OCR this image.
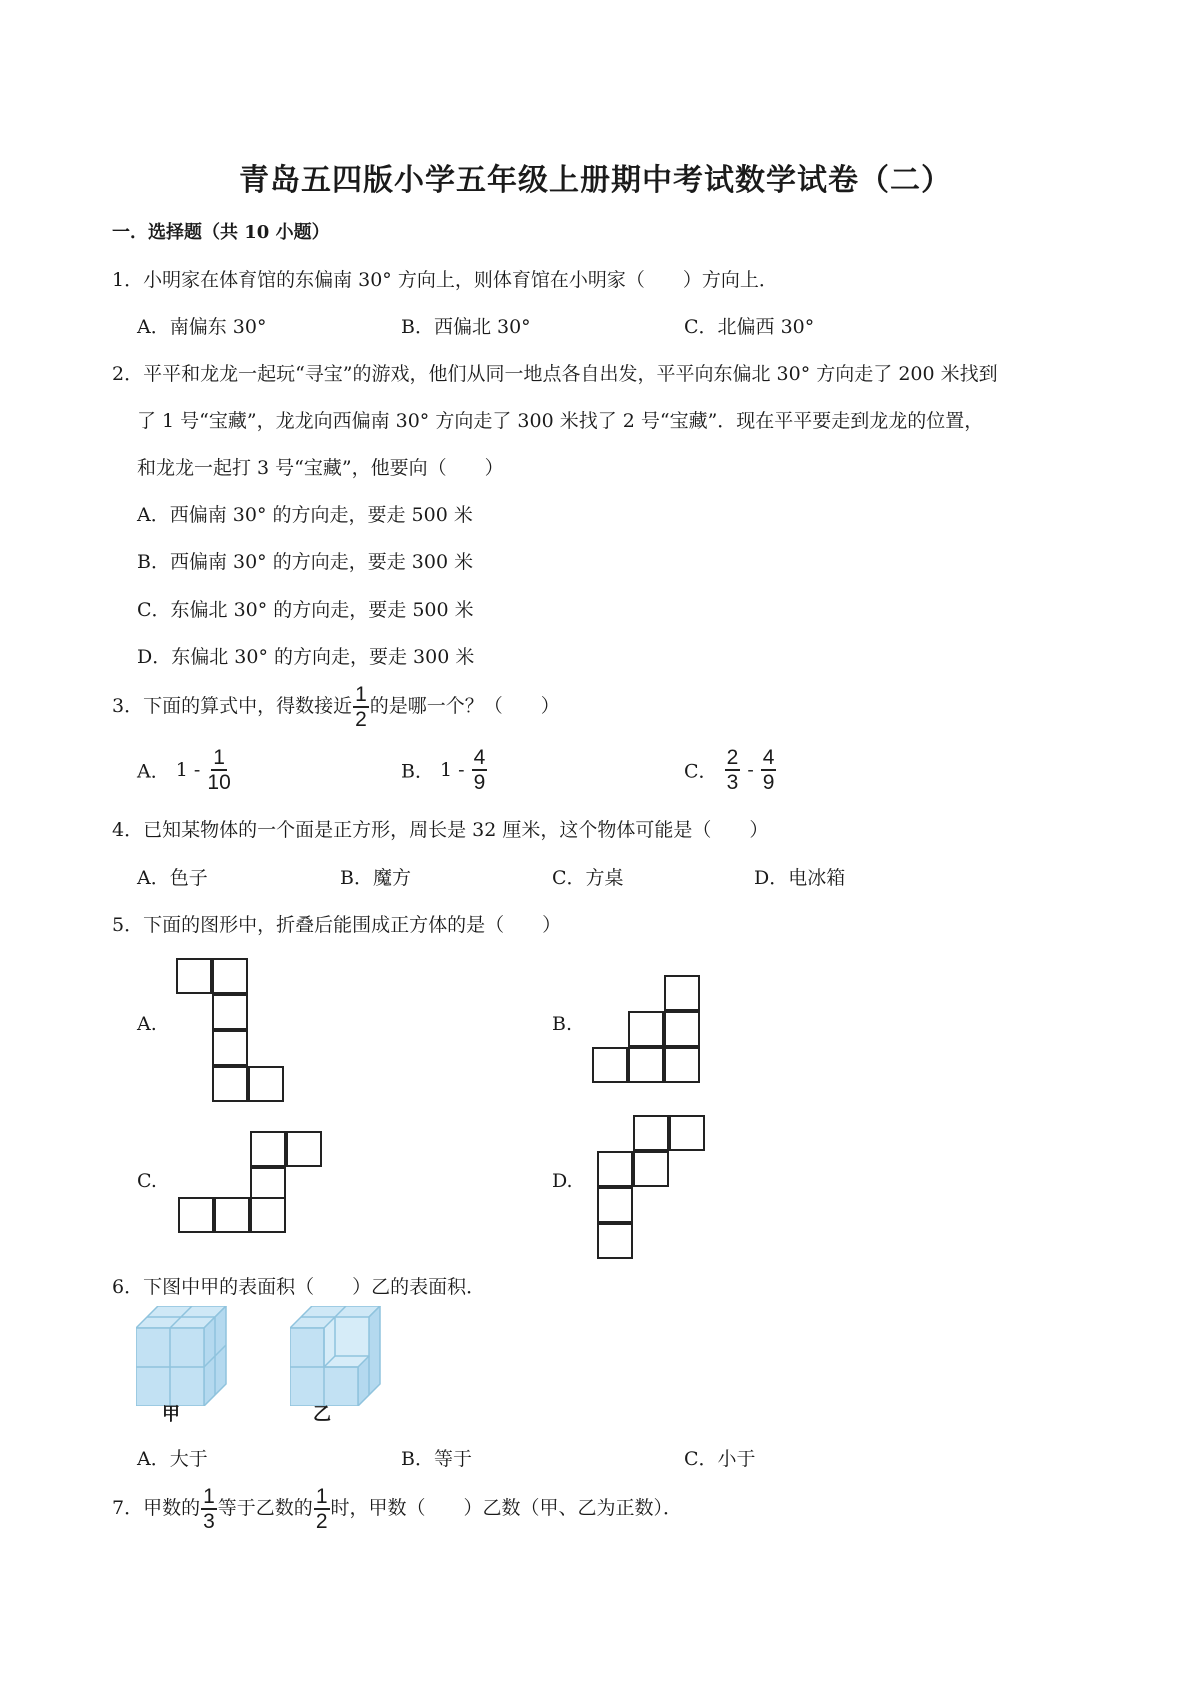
青岛五四版小学五年级上册期中考试数学试卷（二）
一．选择题（共 10 小题）
1．小明家在体育馆的东偏南 30° 方向上，则体育馆在小明家（　　）方向上．
A．南偏东 30°	B．西偏北 30°	C．北偏西 30°
2．平平和龙龙一起玩“寻宝”的游戏，他们从同一地点各自出发，平平向东偏北 30° 方向走了 200 米找到
了 1 号“宝藏”，龙龙向西偏南 30° 方向走了 300 米找了 2 号“宝藏”．现在平平要走到龙龙的位置，
和龙龙一起打 3 号“宝藏”，他要向（　　）
A．西偏南 30° 的方向走，要走 500 米
B．西偏南 30° 的方向走，要走 300 米
C．东偏北 30° 的方向走，要走 500 米
D．东偏北 30° 的方向走，要走 300 米
3．下面的算式中，得数接近 $\frac{1}{2}$ 的是哪一个？（　　）
A． $1 - \frac{1}{10}$	B． $1 - \frac{4}{9}$	C． $\frac{2}{3} - \frac{4}{9}$
4．已知某物体的一个面是正方形，周长是 32 厘米，这个物体可能是（　　）
A．色子	B．魔方	C．方桌	D．电冰箱
5．下面的图形中，折叠后能围成正方体的是（　　）
A.	B.
C.	D.
6．下图中甲的表面积（　　）乙的表面积．
甲	乙
A．大于	B．等于	C．小于
7．甲数的 $\frac{1}{3}$ 等于乙数的 $\frac{1}{2}$ 时，甲数（　　）乙数（甲、乙为正数）．
